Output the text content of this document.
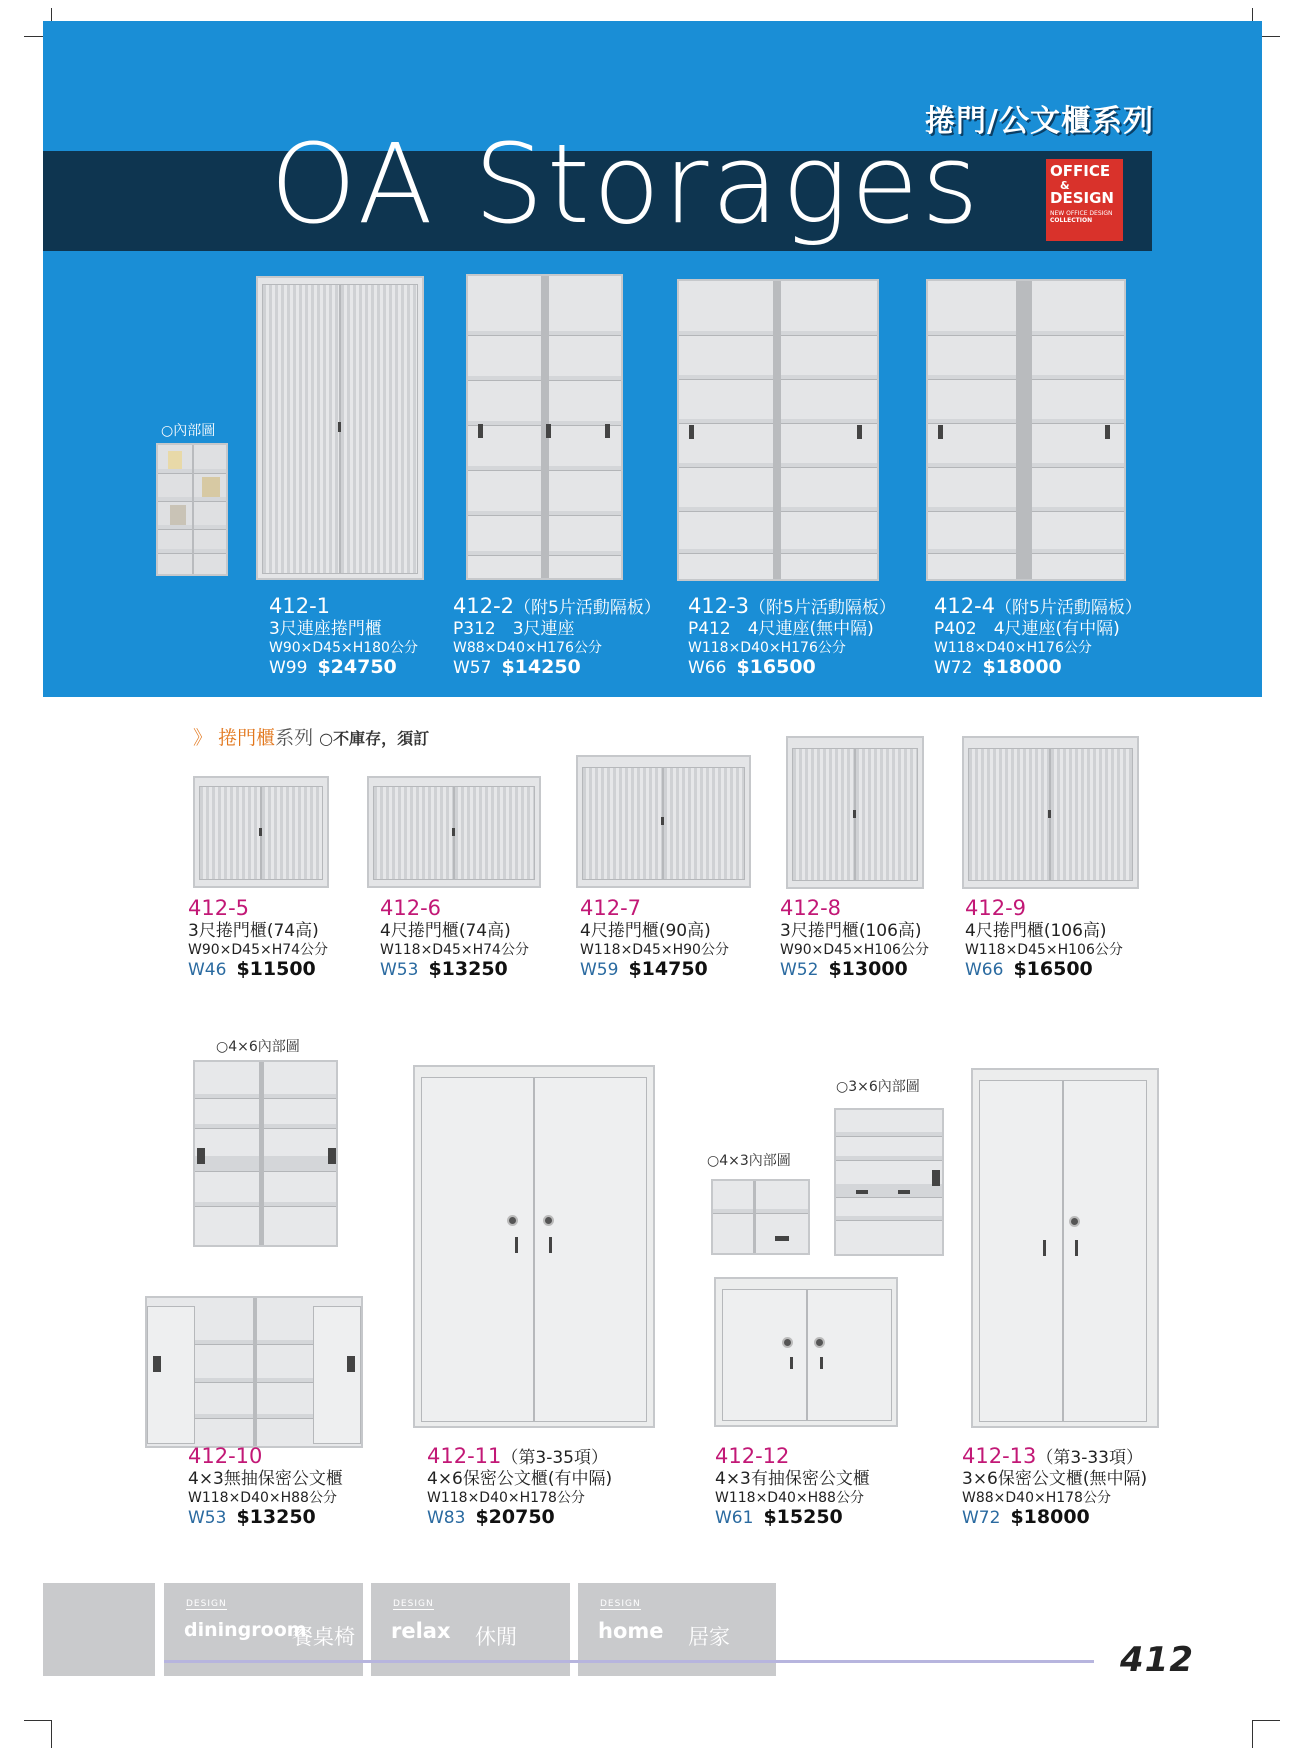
捲門/公文櫃系列
OA Storages	OFFICE
&
DESIGN
NEW OFFICE DESIGN
COLLECTION
○內部圖
412-1
3尺連座捲門櫃
W90×D45×H180公分
W99 $24750
412-2（附5片活動隔板）
P312　3尺連座
W88×D40×H176公分
W57 $14250
412-3（附5片活動隔板）
P412　4尺連座(無中隔)
W118×D40×H176公分
W66 $16500
412-4（附5片活動隔板）
P402　4尺連座(有中隔)
W118×D40×H176公分
W72 $18000
》 捲門櫃系列 ○不庫存，須訂
412-5
3尺捲門櫃(74高)
W90×D45×H74公分
W46 $11500
412-6
4尺捲門櫃(74高)
W118×D45×H74公分
W53 $13250
412-7
4尺捲門櫃(90高)
W118×D45×H90公分
W59 $14750
412-8
3尺捲門櫃(106高)
W90×D45×H106公分
W52 $13000
412-9
4尺捲門櫃(106高)
W118×D45×H106公分
W66 $16500
○4×6內部圖
○3×6內部圖
○4×3內部圖
412-10
4×3無抽保密公文櫃
W118×D40×H88公分
W53 $13250
412-11（第3-35項）
4×6保密公文櫃(有中隔)
W118×D40×H178公分
W83 $20750
412-12
4×3有抽保密公文櫃
W118×D40×H88公分
W61 $15250
412-13（第3-33項）
3×6保密公文櫃(無中隔)
W88×D40×H178公分
W72 $18000
DESIGN
diningroom
餐桌椅
DESIGN
relax 休閒
DESIGN
home 居家
412
